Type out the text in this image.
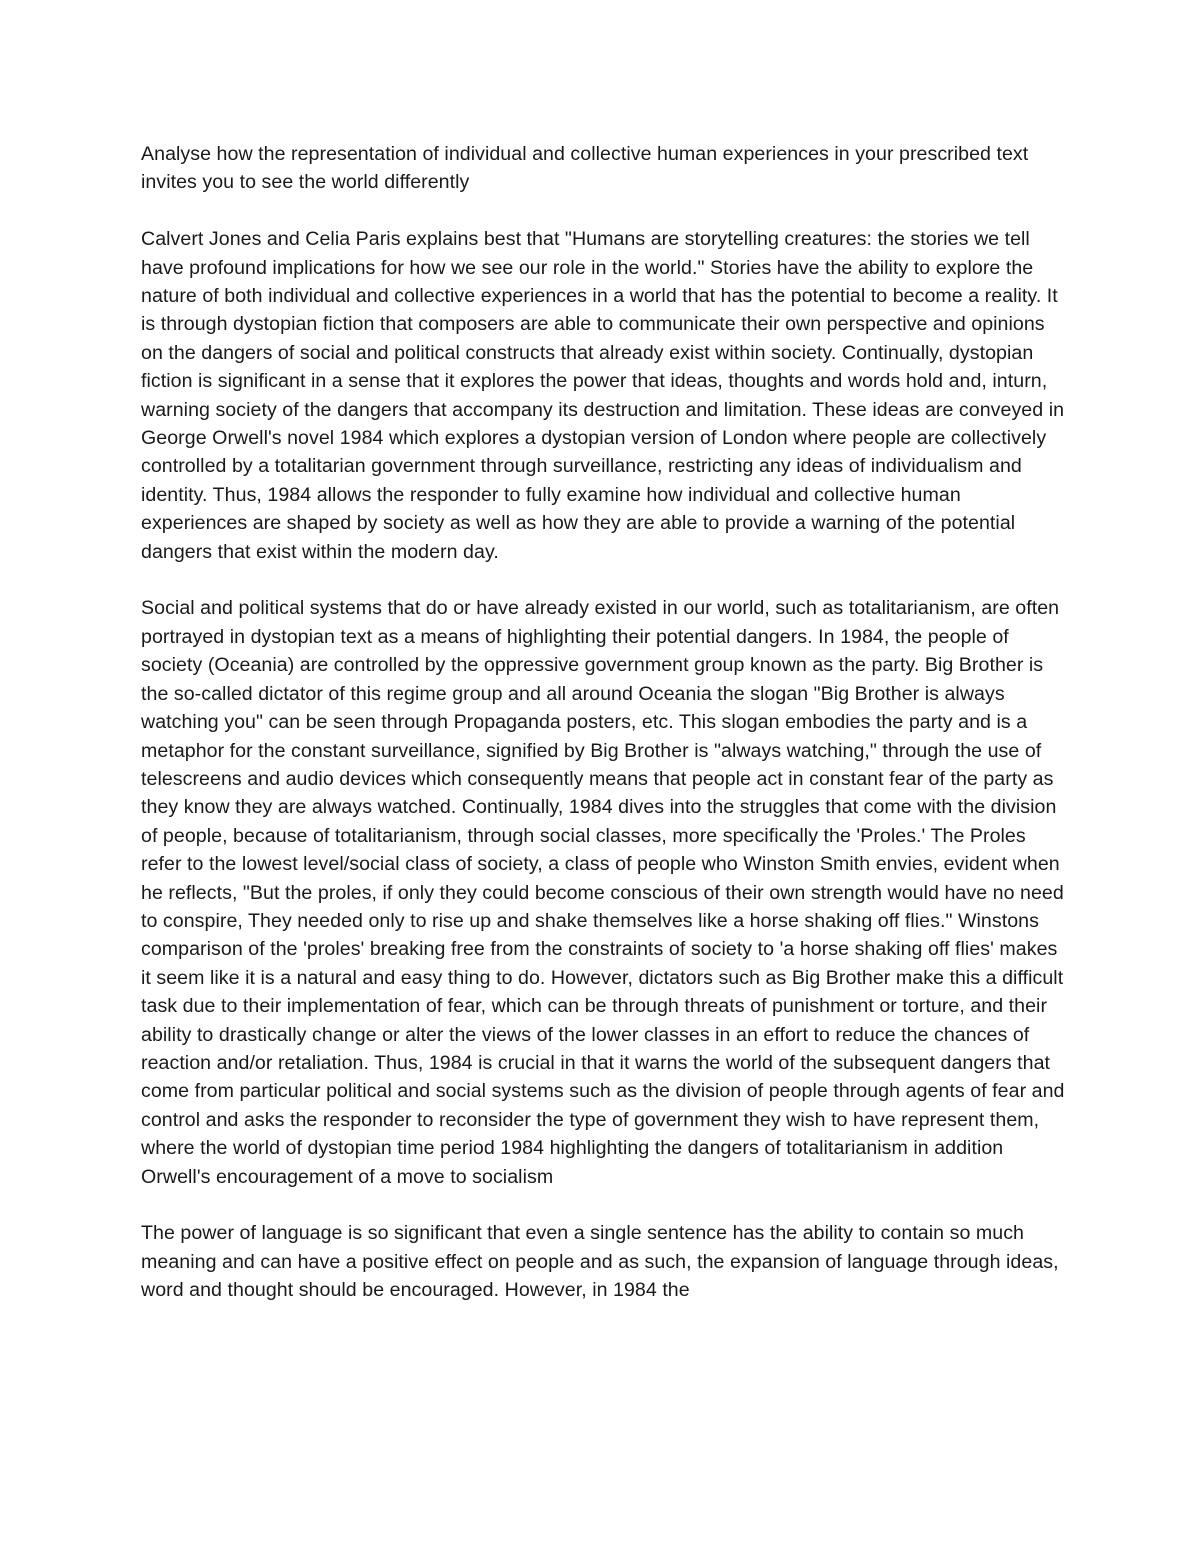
Analyse how the representation of individual and collective human experiences in your prescribed text invites you to see the world differently

Calvert Jones and Celia Paris explains best that "Humans are storytelling creatures: the stories we tell have profound implications for how we see our role in the world." Stories have the ability to explore the nature of both individual and collective experiences in a world that has the potential to become a reality. It is through dystopian fiction that composers are able to communicate their own perspective and opinions on the dangers of social and political constructs that already exist within society. Continually, dystopian fiction is significant in a sense that it explores the power that ideas, thoughts and words hold and, inturn, warning society of the dangers that accompany its destruction and limitation. These ideas are conveyed in George Orwell's novel 1984 which explores a dystopian version of London where people are collectively controlled by a totalitarian government through surveillance, restricting any ideas of individualism and identity. Thus, 1984 allows the responder to fully examine how individual and collective human experiences are shaped by society as well as how they are able to provide a warning of the potential dangers that exist within the modern day.

Social and political systems that do or have already existed in our world, such as totalitarianism, are often portrayed in dystopian text as a means of highlighting their potential dangers. In 1984, the people of society (Oceania) are controlled by the oppressive government group known as the party. Big Brother is the so-called dictator of this regime group and all around Oceania the slogan "Big Brother is always watching you" can be seen through Propaganda posters, etc. This slogan embodies the party and is a metaphor for the constant surveillance, signified by Big Brother is "always watching," through the use of telescreens and audio devices which consequently means that people act in constant fear of the party as they know they are always watched. Continually, 1984 dives into the struggles that come with the division of people, because of totalitarianism, through social classes, more specifically the 'Proles.' The Proles refer to the lowest level/social class of society, a class of people who Winston Smith envies, evident when he reflects, "But the proles, if only they could become conscious of their own strength would have no need to conspire, They needed only to rise up and shake themselves like a horse shaking off flies." Winstons comparison of the 'proles' breaking free from the constraints of society to 'a horse shaking off flies' makes it seem like it is a natural and easy thing to do. However, dictators such as Big Brother make this a difficult task due to their implementation of fear, which can be through threats of punishment or torture, and their ability to drastically change or alter the views of the lower classes in an effort to reduce the chances of reaction and/or retaliation. Thus, 1984 is crucial in that it warns the world of the subsequent dangers that come from particular political and social systems such as the division of people through agents of fear and control and asks the responder to reconsider the type of government they wish to have represent them, where the world of dystopian time period 1984 highlighting the dangers of totalitarianism in addition Orwell's encouragement of a move to socialism

The power of language is so significant that even a single sentence has the ability to contain so much meaning and can have a positive effect on people and as such, the expansion of language through ideas, word and thought should be encouraged. However, in 1984 the
